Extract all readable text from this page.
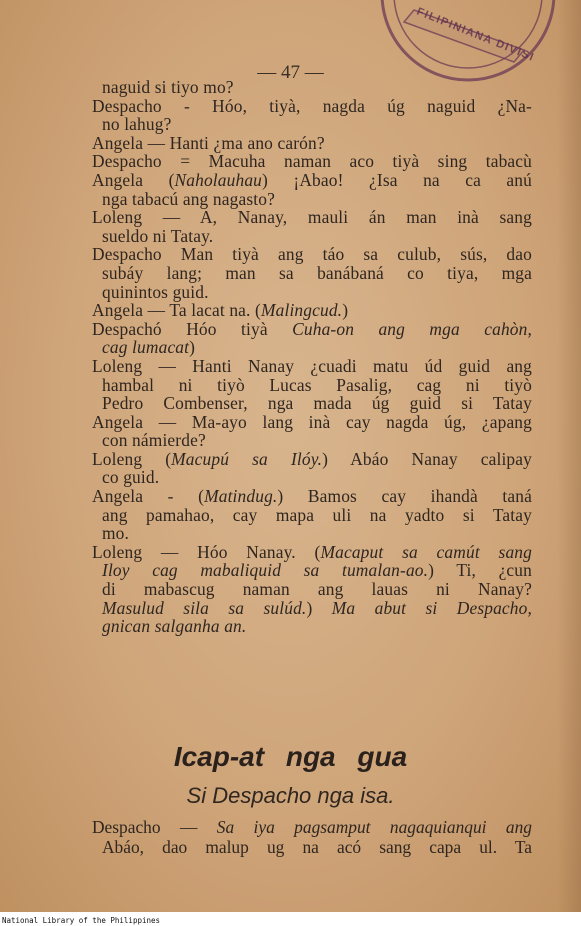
FILIPINIANA DIVISI
— 47 —
naguid si tiyo mo?
Despacho - Hóo, tiyà, nagda úg naguid ¿Na-
no lahug?
Angela — Hanti ¿ma ano carón?
Despacho = Macuha naman aco tiyà sing tabacù
Angela (Naholauhau) ¡Abao! ¿Isa na ca anú
nga tabacú ang nagasto?
Loleng — A, Nanay, mauli án man inà sang
sueldo ni Tatay.
Despacho Man tiyà ang táo sa culub, sús, dao
subáy lang; man sa banábaná co tiya, mga
quinintos guid.
Angela — Ta lacat na. (Malingcud.)
Despachó Hóo tiyà Cuha-on ang mga cahòn,
cag lumacat)
Loleng — Hanti Nanay ¿cuadi matu úd guid ang
hambal ni tiyò Lucas Pasalig, cag ni tiyò
Pedro Combenser, nga mada úg guid si Tatay
Angela — Ma-ayo lang inà cay nagda úg, ¿apang
con námierde?
Loleng (Macupú sa Ilóy.) Abáo Nanay calipay
co guid.
Angela - (Matindug.) Bamos cay ihandà taná
ang pamahao, cay mapa uli na yadto si Tatay
mo.
Loleng — Hóo Nanay. (Macaput sa camút sang
Iloy cag mabaliquid sa tumalan-ao.) Ti, ¿cun
di mabascug naman ang lauas ni Nanay?
Masulud sila sa sulúd.) Ma abut si Despacho,
gnican salganha an.
Icap-at nga gua
Si Despacho nga isa.
Despacho — Sa iya pagsamput nagaquianqui ang
Abáo, dao malup ug na acó sang capa ul. Ta
National Library of the Philippines
